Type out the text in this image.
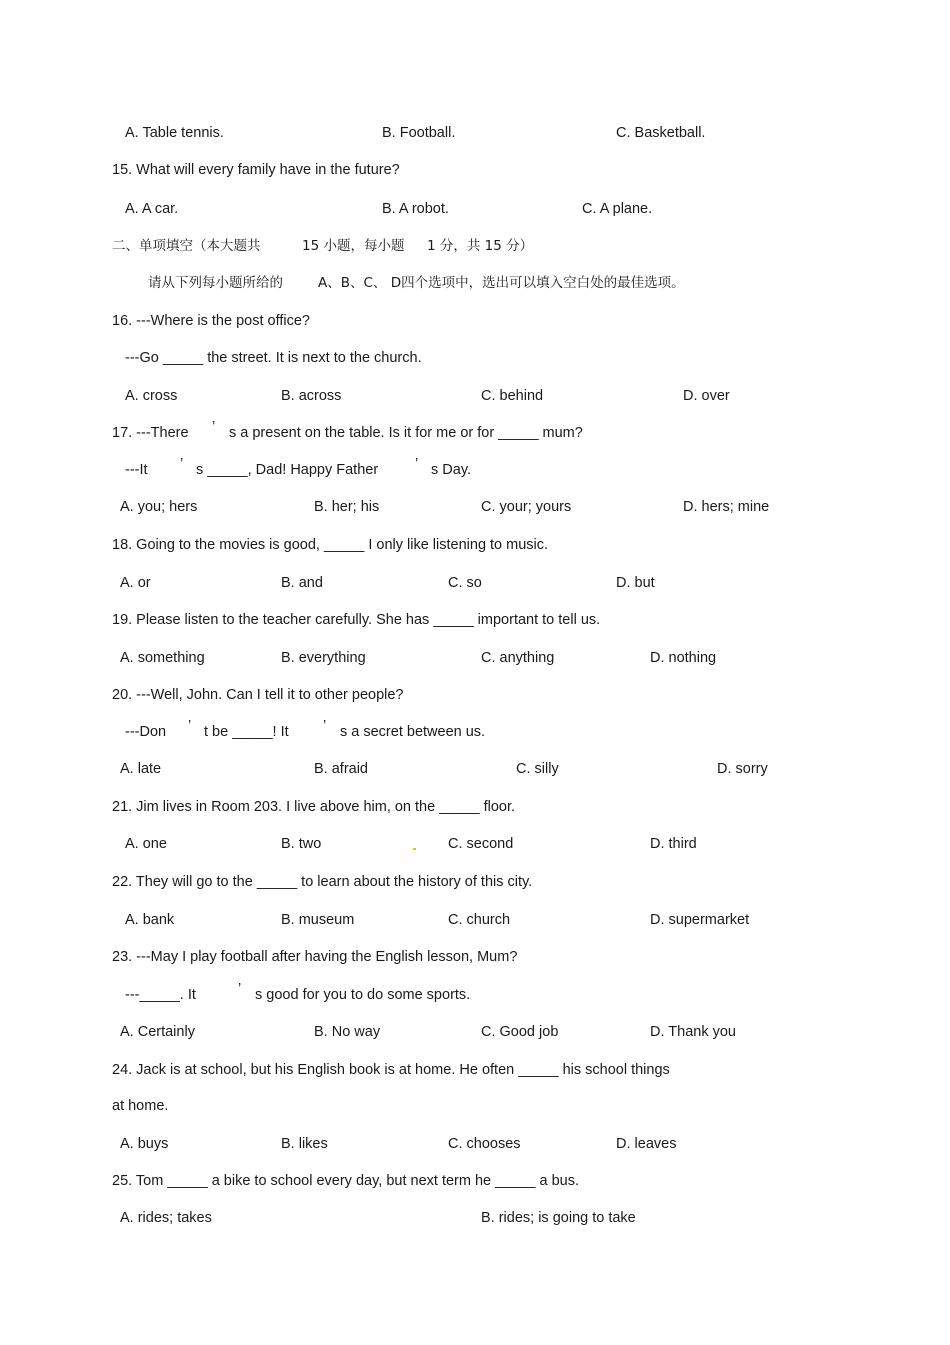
A. Table tennis.	B. Football.	C. Basketball.
15. What will every family have in the future?
A. A car.	B. A robot.	C. A plane.
二、单项填空（本大题共	15 小题，每小题 1 分，共 15 分）
请从下列每小题所给的	A、B、C、 D四个选项中，选出可以填入空白处的最佳选项。
16. ---Where is the post office?
---Go _____ the street. It is next to the church.
A. cross	B. across	C. behind	D. over
17. ---There ’ s a present on the table. Is it for me or for _____ mum?
---It ’ s _____, Dad! Happy Father	’ s Day.
A. you; hers	B. her; his	C. your; yours	D. hers; mine
18. Going to the movies is good, _____ I only like listening to music.
A. or	B. and	C. so	D. but
19. Please listen to the teacher carefully. She has _____ important to tell us.
A. something	B. everything	C. anything	D. nothing
20. ---Well, John. Can I tell it to other people?
---Don ’ t be _____! It ’ s a secret between us.
A. late	B. afraid	C. silly	D. sorry
21. Jim lives in Room 203. I live above him, on the _____ floor.
A. one	B. two	C. second	D. third
22. They will go to the _____ to learn about the history of this city.
A. bank	B. museum	C. church	D. supermarket
23. ---May I play football after having the English lesson, Mum?
---_____. It	’ s good for you to do some sports.
A. Certainly	B. No way	C. Good job	D. Thank you
24. Jack is at school, but his English book is at home. He often _____ his school things
at home.
A. buys	B. likes	C. chooses	D. leaves
25. Tom _____ a bike to school every day, but next term he _____ a bus.
A. rides; takes	B. rides; is going to take
